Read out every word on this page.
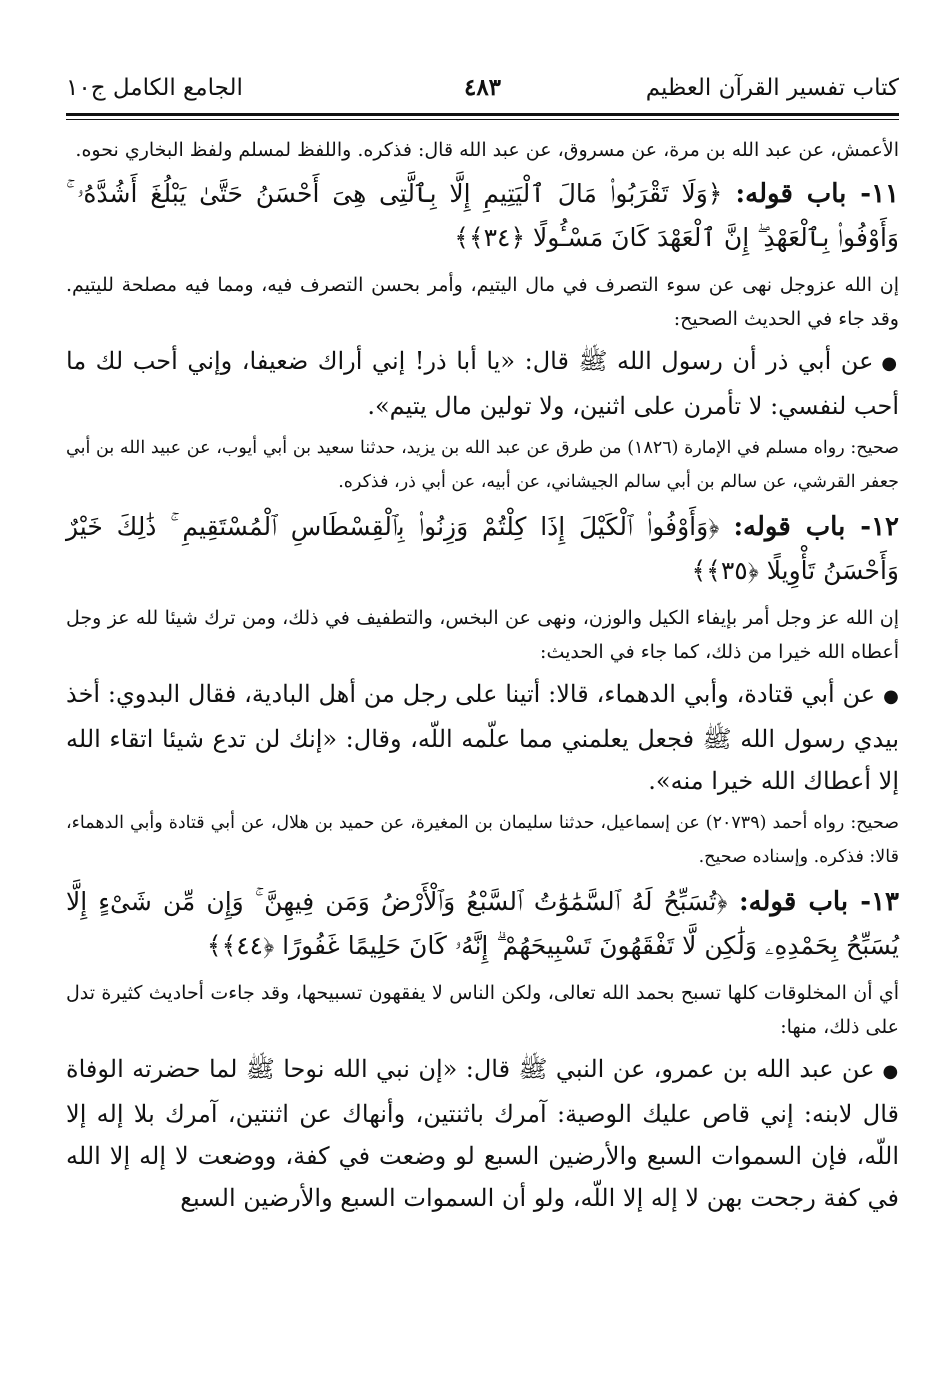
كتاب تفسير القرآن العظيم
٤٨٣
الجامع الكامل ج١٠

الأعمش، عن عبد الله بن مرة، عن مسروق، عن عبد الله قال: فذكره. واللفظ لمسلم ولفظ البخاري نحوه.

١١- باب قوله: ﴿وَلَا تَقْرَبُوا۟ مَالَ ٱلْيَتِيمِ إِلَّا بِٱلَّتِى هِىَ أَحْسَنُ حَتَّىٰ يَبْلُغَ أَشُدَّهُۥ ۚ وَأَوْفُوا۟ بِٱلْعَهْدِ ۖ إِنَّ ٱلْعَهْدَ كَانَ مَسْـُٔولًا ﴿٣٤﴾﴾

إن الله عزوجل نهى عن سوء التصرف في مال اليتيم، وأمر بحسن التصرف فيه، ومما فيه مصلحة لليتيم. وقد جاء في الحديث الصحيح:

●عن أبي ذر أن رسول الله ﷺ قال: «يا أبا ذر! إني أراك ضعيفا، وإني أحب لك ما أحب لنفسي: لا تأمرن على اثنين، ولا تولين مال يتيم».

صحيح: رواه مسلم في الإمارة (١٨٢٦) من طرق عن عبد الله بن يزيد، حدثنا سعيد بن أبي أيوب، عن عبيد الله بن أبي جعفر القرشي، عن سالم بن أبي سالم الجيشاني، عن أبيه، عن أبي ذر، فذكره.

١٢- باب قوله: ﴿وَأَوْفُوا۟ ٱلْكَيْلَ إِذَا كِلْتُمْ وَزِنُوا۟ بِٱلْقِسْطَاسِ ٱلْمُسْتَقِيمِ ۚ ذَٰلِكَ خَيْرٌ وَأَحْسَنُ تَأْوِيلًا ﴿٣٥﴾﴾

إن الله عز وجل أمر بإيفاء الكيل والوزن، ونهى عن البخس، والتطفيف في ذلك، ومن ترك شيئا لله عز وجل أعطاه الله خيرا من ذلك، كما جاء في الحديث:

●عن أبي قتادة، وأبي الدهماء، قالا: أتينا على رجل من أهل البادية، فقال البدوي: أخذ بيدي رسول الله ﷺ فجعل يعلمني مما علّمه اللّه، وقال: «إنك لن تدع شيئا اتقاء الله إلا أعطاك الله خيرا منه».

صحيح: رواه أحمد (٢٠٧٣٩) عن إسماعيل، حدثنا سليمان بن المغيرة، عن حميد بن هلال، عن أبي قتادة وأبي الدهماء، قالا: فذكره. وإسناده صحيح.

١٣- باب قوله: ﴿تُسَبِّحُ لَهُ ٱلسَّمَٰوَٰتُ ٱلسَّبْعُ وَٱلْأَرْضُ وَمَن فِيهِنَّ ۚ وَإِن مِّن شَىْءٍ إِلَّا يُسَبِّحُ بِحَمْدِهِۦ وَلَٰكِن لَّا تَفْقَهُونَ تَسْبِيحَهُمْ ۗ إِنَّهُۥ كَانَ حَلِيمًا غَفُورًا ﴿٤٤﴾﴾

أي أن المخلوقات كلها تسبح بحمد الله تعالى، ولكن الناس لا يفقهون تسبيحها، وقد جاءت أحاديث كثيرة تدل على ذلك، منها:

●عن عبد الله بن عمرو، عن النبي ﷺ قال: «إن نبي الله نوحا ﷺ لما حضرته الوفاة قال لابنه: إني قاص عليك الوصية: آمرك باثنتين، وأنهاك عن اثنتين، آمرك بلا إله إلا اللّه، فإن السموات السبع والأرضين السبع لو وضعت في كفة، ووضعت لا إله إلا الله في كفة رجحت بهن لا إله إلا اللّه، ولو أن السموات السبع والأرضين السبع
